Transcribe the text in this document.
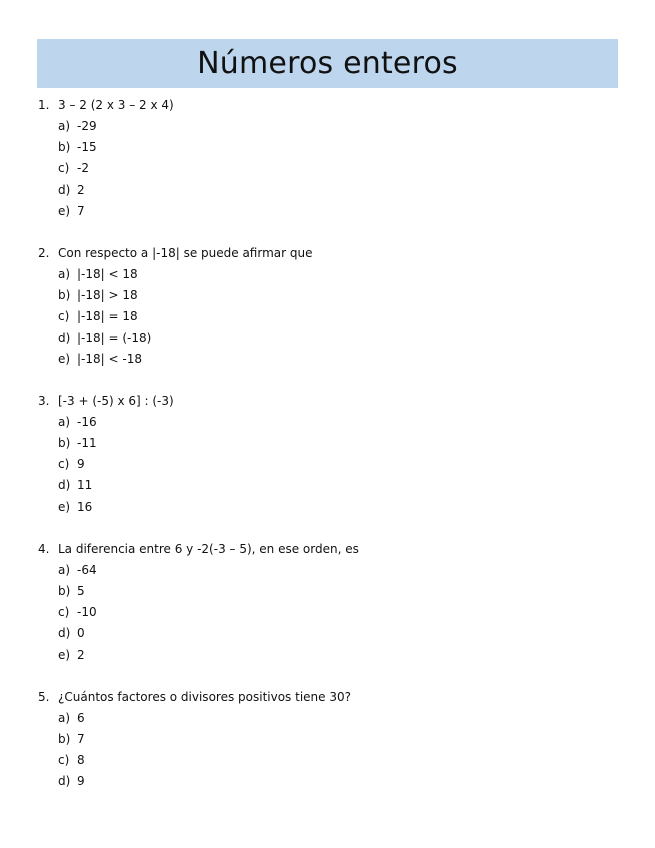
Números enteros
1. 3 – 2 (2 x 3 – 2 x 4)
a) -29
b) -15
c) -2
d) 2
e) 7
2. Con respecto a |-18| se puede afirmar que
a) |-18| < 18
b) |-18| > 18
c) |-18| = 18
d) |-18| = (-18)
e) |-18| < -18
3. [-3 + (-5) x 6] : (-3)
a) -16
b) -11
c) 9
d) 11
e) 16
4. La diferencia entre 6 y -2(-3 – 5), en ese orden, es
a) -64
b) 5
c) -10
d) 0
e) 2
5. ¿Cuántos factores o divisores positivos tiene 30?
a) 6
b) 7
c) 8
d) 9
